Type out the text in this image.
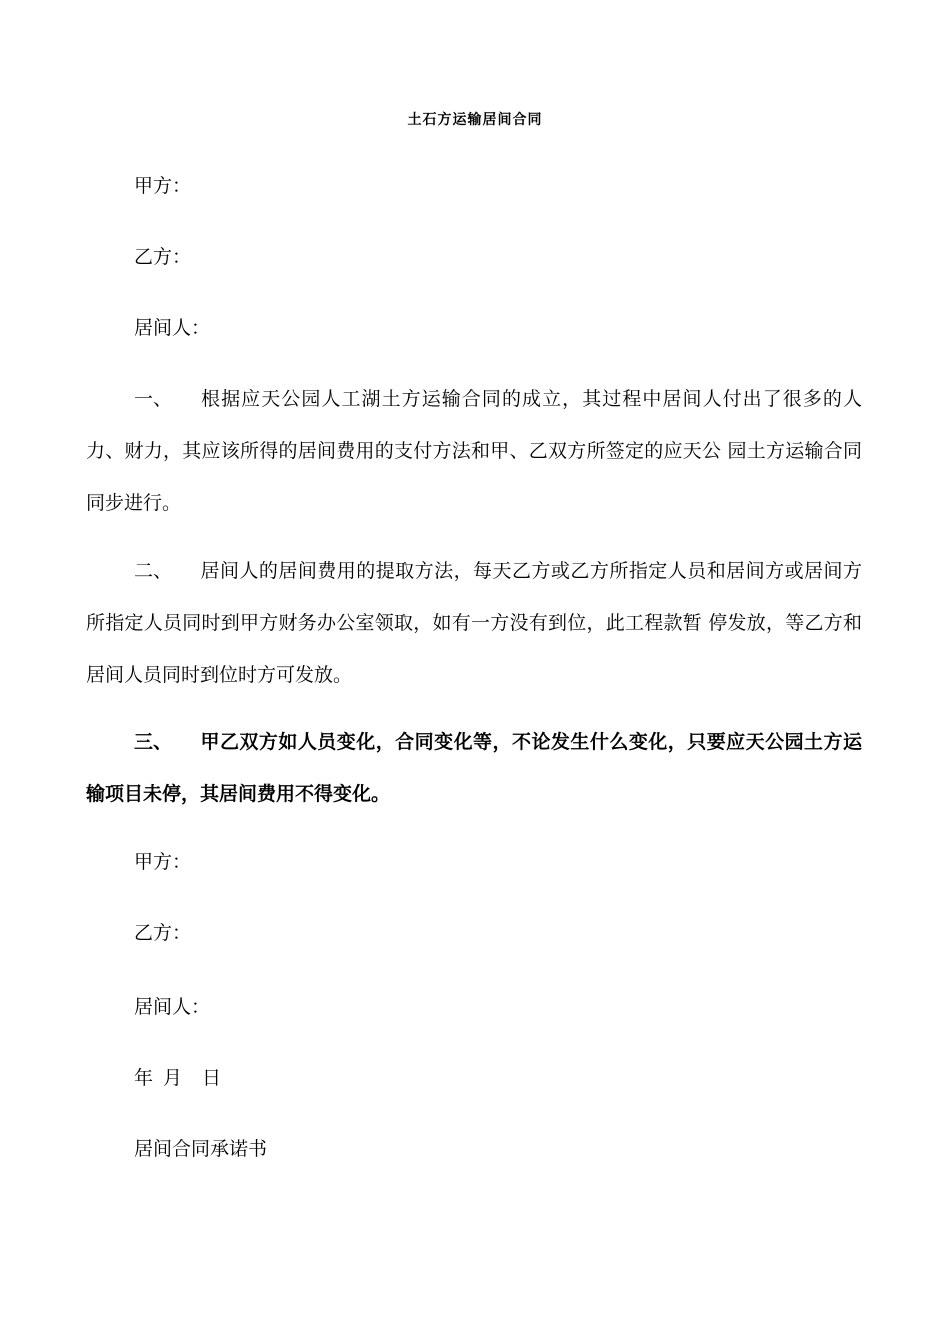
土石方运输居间合同
甲方：
乙方：
居间人：
一、 根据应天公园人工湖土方运输合同的成立，其过程中居间人付出了很多的人力、财力，其应该所得的居间费用的支付方法和甲、乙双方所签定的应天公 园土方运输合同同步进行。
二、 居间人的居间费用的提取方法，每天乙方或乙方所指定人员和居间方或居间方所指定人员同时到甲方财务办公室领取，如有一方没有到位，此工程款暂 停发放，等乙方和居间人员同时到位时方可发放。
三、 甲乙双方如人员变化，合同变化等，不论发生什么变化，只要应天公园土方运输项目未停，其居间费用不得变化。
甲方：
乙方：
居间人：
年 月 日
居间合同承诺书
